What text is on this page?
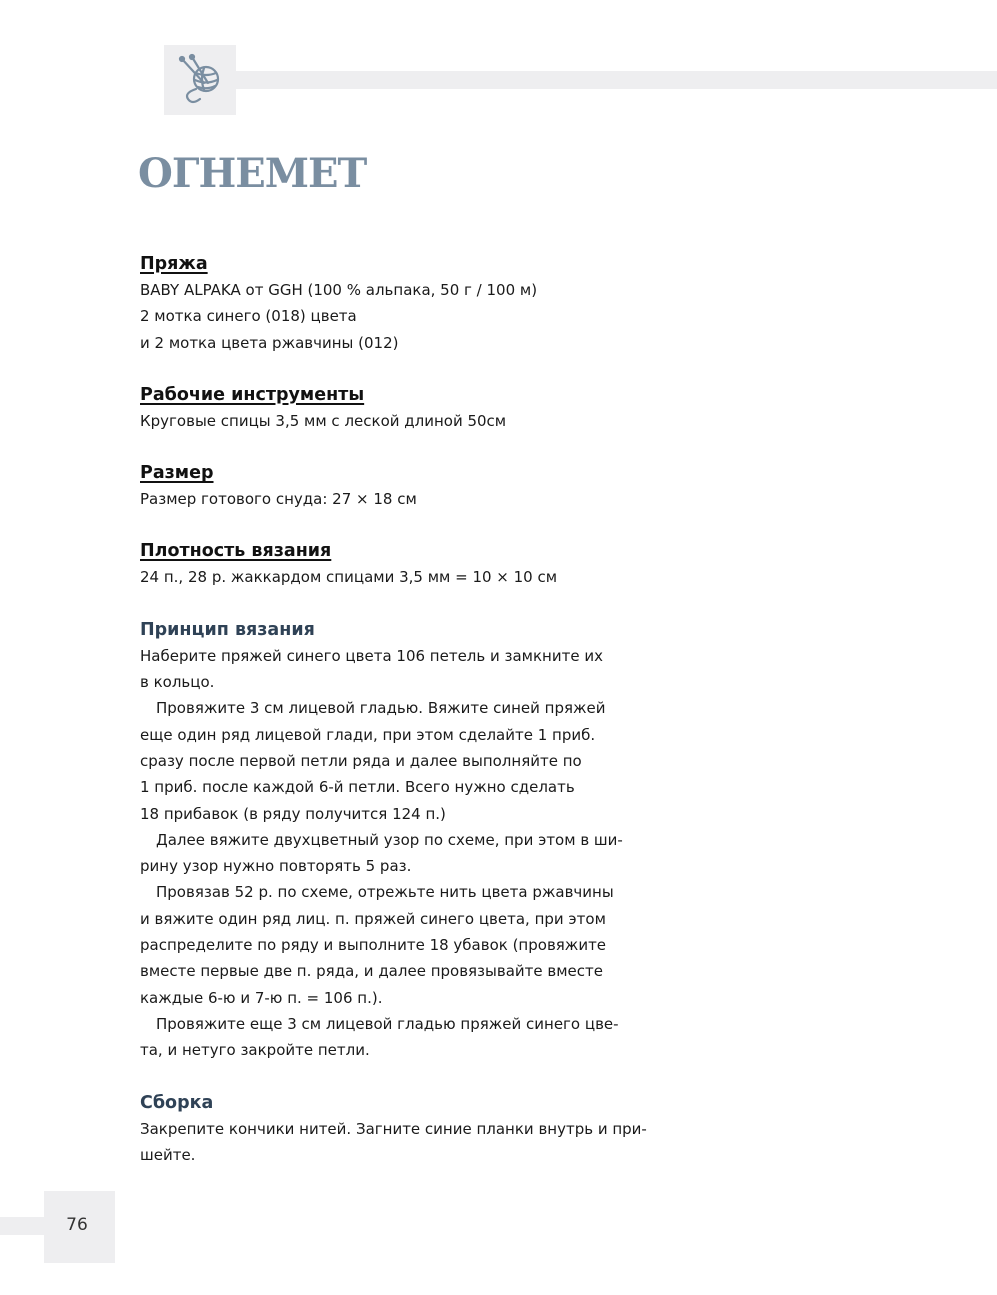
ОГНЕМЕТ

Пряжа

BABY ALPAKA от GGH (100 % альпака, 50 г / 100 м)

2 мотка синего (018) цвета

и 2 мотка цвета ржавчины (012)

Рабочие инструменты

Круговые спицы 3,5 мм с леской длиной 50см

Размер

Размер готового снуда: 27 × 18 см

Плотность вязания

24 п., 28 р. жаккардом спицами 3,5 мм = 10 × 10 см

Принцип вязания

Наберите пряжей синего цвета 106 петель и замкните их

в кольцо.

Провяжите 3 см лицевой гладью. Вяжите синей пряжей

еще один ряд лицевой глади, при этом сделайте 1 приб.

сразу после первой петли ряда и далее выполняйте по

1 приб. после каждой 6-й петли. Всего нужно сделать

18 прибавок (в ряду получится 124 п.)

Далее вяжите двухцветный узор по схеме, при этом в ши-

рину узор нужно повторять 5 раз.

Провязав 52 р. по схеме, отрежьте нить цвета ржавчины

и вяжите один ряд лиц. п. пряжей синего цвета, при этом

распределите по ряду и выполните 18 убавок (провяжите

вместе первые две п. ряда, и далее провязывайте вместе

каждые 6-ю и 7-ю п. = 106 п.).

Провяжите еще 3 см лицевой гладью пряжей синего цве-

та, и нетуго закройте петли.

Сборка

Закрепите кончики нитей. Загните синие планки внутрь и при-

шейте.

76
